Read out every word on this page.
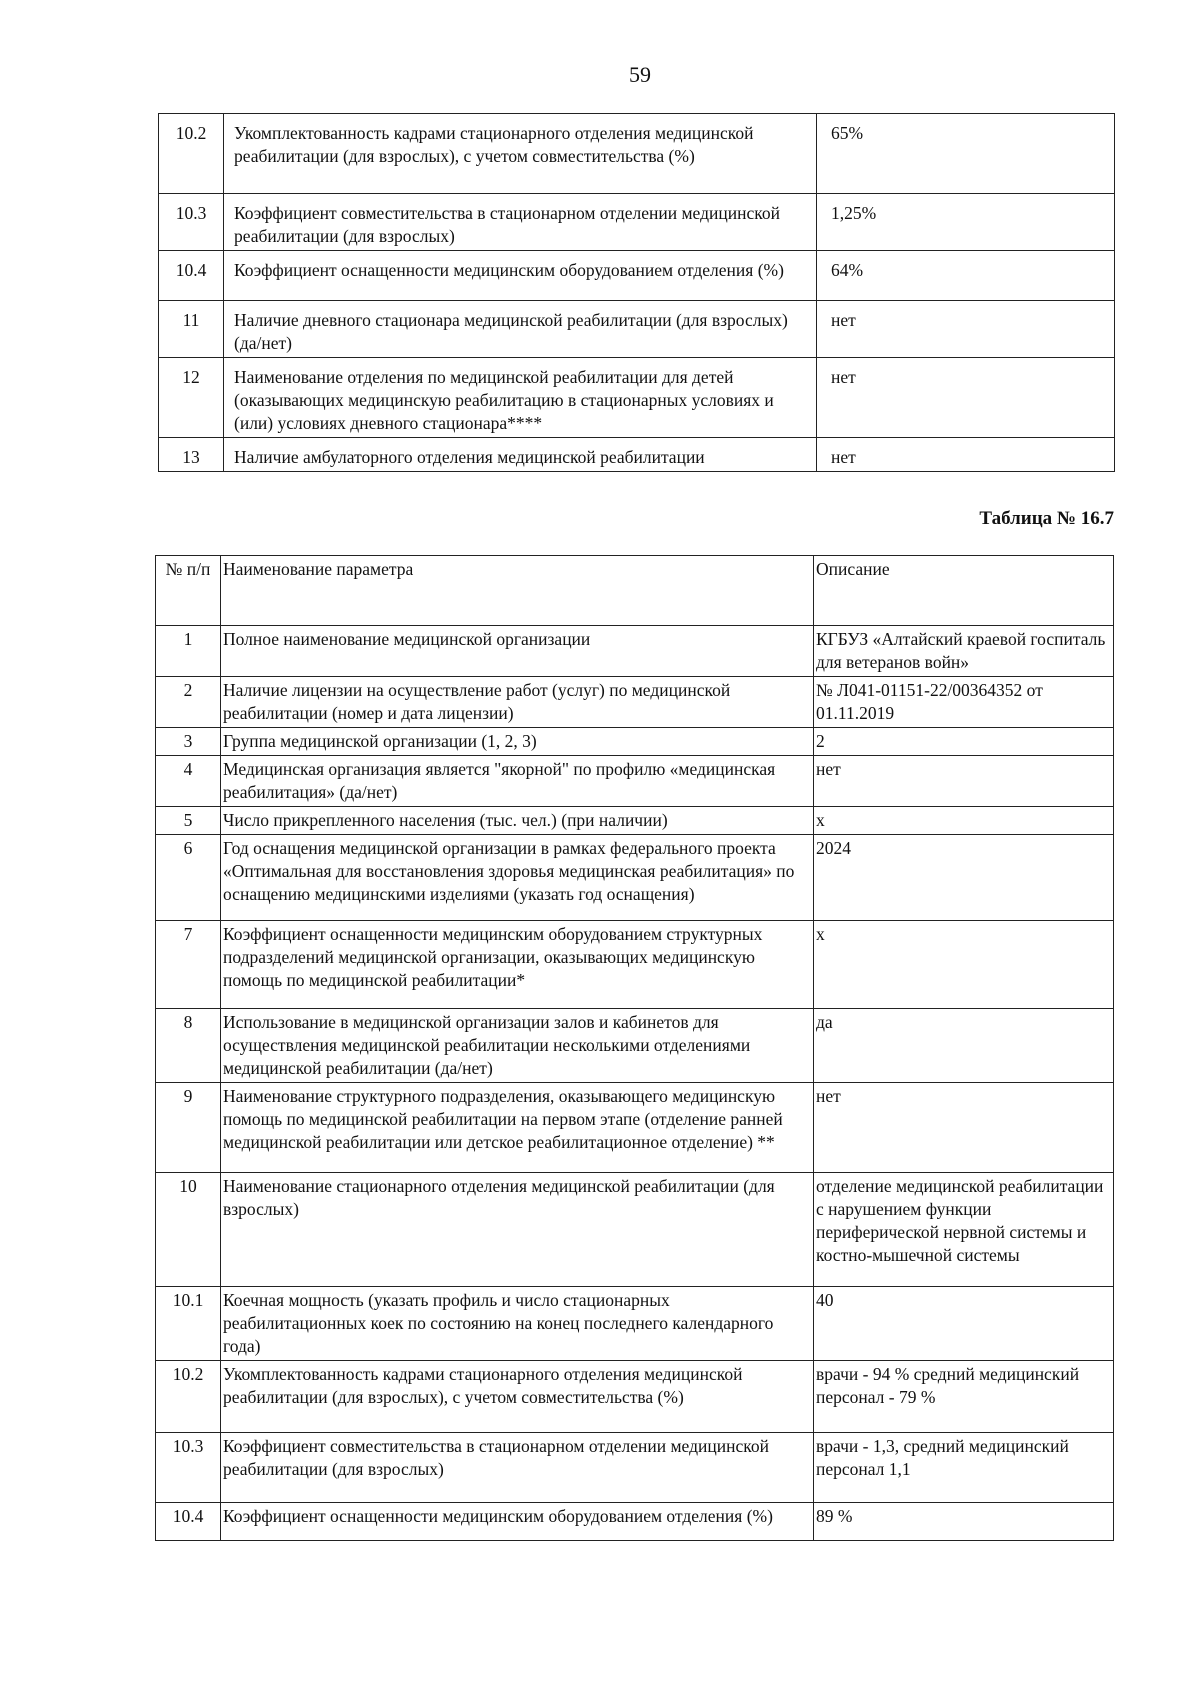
59
10.2	Укомплектованность кадрами стационарного отделения медицинской реабилитации (для взрослых), с учетом совместительства (%)	65%
10.3	Коэффициент совместительства в стационарном отделении медицинской реабилитации (для взрослых)	1,25%
10.4	Коэффициент оснащенности медицинским оборудованием отделения (%)	64%
11	Наличие дневного стационара медицинской реабилитации (для взрослых) (да/нет)	нет
12	Наименование отделения по медицинской реабилитации для детей (оказывающих медицинскую реабилитацию в стационарных условиях и (или) условиях дневного стационара****	нет
13	Наличие амбулаторного отделения медицинской реабилитации	нет
Таблица № 16.7
№ п/п	Наименование параметра	Описание
1	Полное наименование медицинской организации	КГБУЗ «Алтайский краевой госпиталь для ветеранов войн»
2	Наличие лицензии на осуществление работ (услуг) по медицинской реабилитации (номер и дата лицензии)	№ Л041-01151-22/00364352 от 01.11.2019
3	Группа медицинской организации (1, 2, 3)	2
4	Медицинская организация является "якорной" по профилю «медицинская реабилитация» (да/нет)	нет
5	Число прикрепленного населения (тыс. чел.) (при наличии)	х
6	Год оснащения медицинской организации в рамках федерального проекта «Оптимальная для восстановления здоровья медицинская реабилитация» по оснащению медицинскими изделиями (указать год оснащения)	2024
7	Коэффициент оснащенности медицинским оборудованием структурных подразделений медицинской организации, оказывающих медицинскую помощь по медицинской реабилитации*	х
8	Использование в медицинской организации залов и кабинетов для осуществления медицинской реабилитации несколькими отделениями медицинской реабилитации (да/нет)	да
9	Наименование структурного подразделения, оказывающего медицинскую помощь по медицинской реабилитации на первом этапе (отделение ранней медицинской реабилитации или детское реабилитационное отделение) **	нет
10	Наименование стационарного отделения медицинской реабилитации (для взрослых)	отделение медицинской реабилитации с нарушением функции периферической нервной системы и костно-мышечной системы
10.1	Коечная мощность (указать профиль и число стационарных реабилитационных коек по состоянию на конец последнего календарного года)	40
10.2	Укомплектованность кадрами стационарного отделения медицинской реабилитации (для взрослых), с учетом совместительства (%)	врачи - 94 % средний медицинский персонал - 79 %
10.3	Коэффициент совместительства в стационарном отделении медицинской реабилитации (для взрослых)	врачи - 1,3, средний медицинский персонал 1,1
10.4	Коэффициент оснащенности медицинским оборудованием отделения (%)	89 %
